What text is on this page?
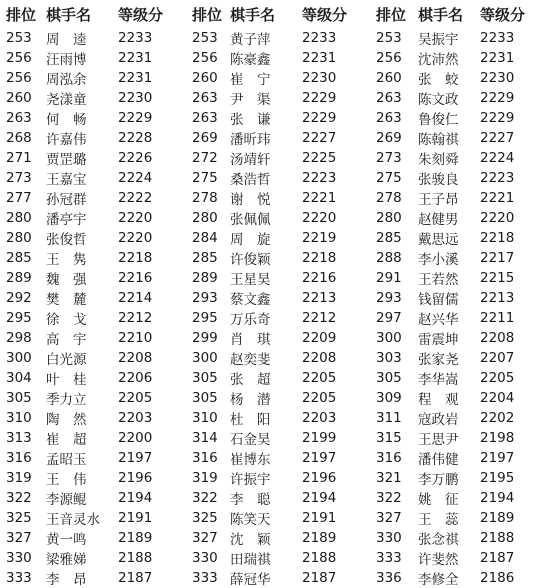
排位 棋手名	等级分
253	周　逵	2233
256	汪雨博	2231
256	周泓余	2231
260	尧漾童	2230
263	何　畅	2229
268	许嘉伟	2228
271	贾罡璐	2226
273	王嘉宝	2224
277	孙冠群	2222
280	潘亭宇	2220
280	张俊哲	2220
285	王　隽	2218
289	魏　强	2216
292	樊　麓	2214
295	徐　戈	2212
298	高　宇	2210
300	白光源	2208
304	叶　桂	2206
305	季力立	2205
310	陶　然	2203
313	崔　超	2200
316	孟昭玉	2197
319	王　伟	2196
322	李源鲲	2194
325	王音灵水	2191
327	黄一鸣	2189
330	梁雅娣	2188
333	李　昂	2187
排位 棋手名	等级分
253 黄子萍	2233
256 陈豪鑫	2231
260 崔　宁	2230
263 尹　渠	2229
263 张　谦	2229
269 潘昕玮	2227
272 汤靖轩	2225
275 桑浩哲	2223
278 谢　悦	2221
280 张佩佩	2220
284 周　旋	2219
285 许俊颖	2218
289 王星昊	2216
293 蔡文鑫	2213
295 万乐奇	2212
299 肖　琪	2209
300 赵奕斐	2208
305 张　超	2205
305 杨　潜	2205
310 杜　阳	2203
314 石金昊	2199
316 崔博东	2197
319 许振宇	2196
322 李　聪	2194
325 陈笑天	2191
327 沈　颖	2189
330 田瑞祺	2188
333 薛冠华	2187
排位 棋手名	等级分
253	吴振宇	2233
256	沈沛然	2231
260	张　蛟	2230
263	陈文政	2229
263	鲁俊仁	2229
269	陈翰祺	2227
273	朱刻舜	2224
275	张骏良	2223
278	王子昂	2221
280	赵健男	2220
285	戴思远	2218
288	李小溪	2217
291	王若然	2215
293	钱留儒	2213
297	赵兴华	2211
300	雷震坤	2208
303	张家尧	2207
305	李华嵩	2205
309	程　观	2204
311	寇政岩	2202
315	王思尹	2198
316	潘伟健	2197
321	李万鹏	2195
322	姚　征	2194
327	王　蕊	2189
330	张念祺	2188
333	许斐然	2187
336	李修全	2186
